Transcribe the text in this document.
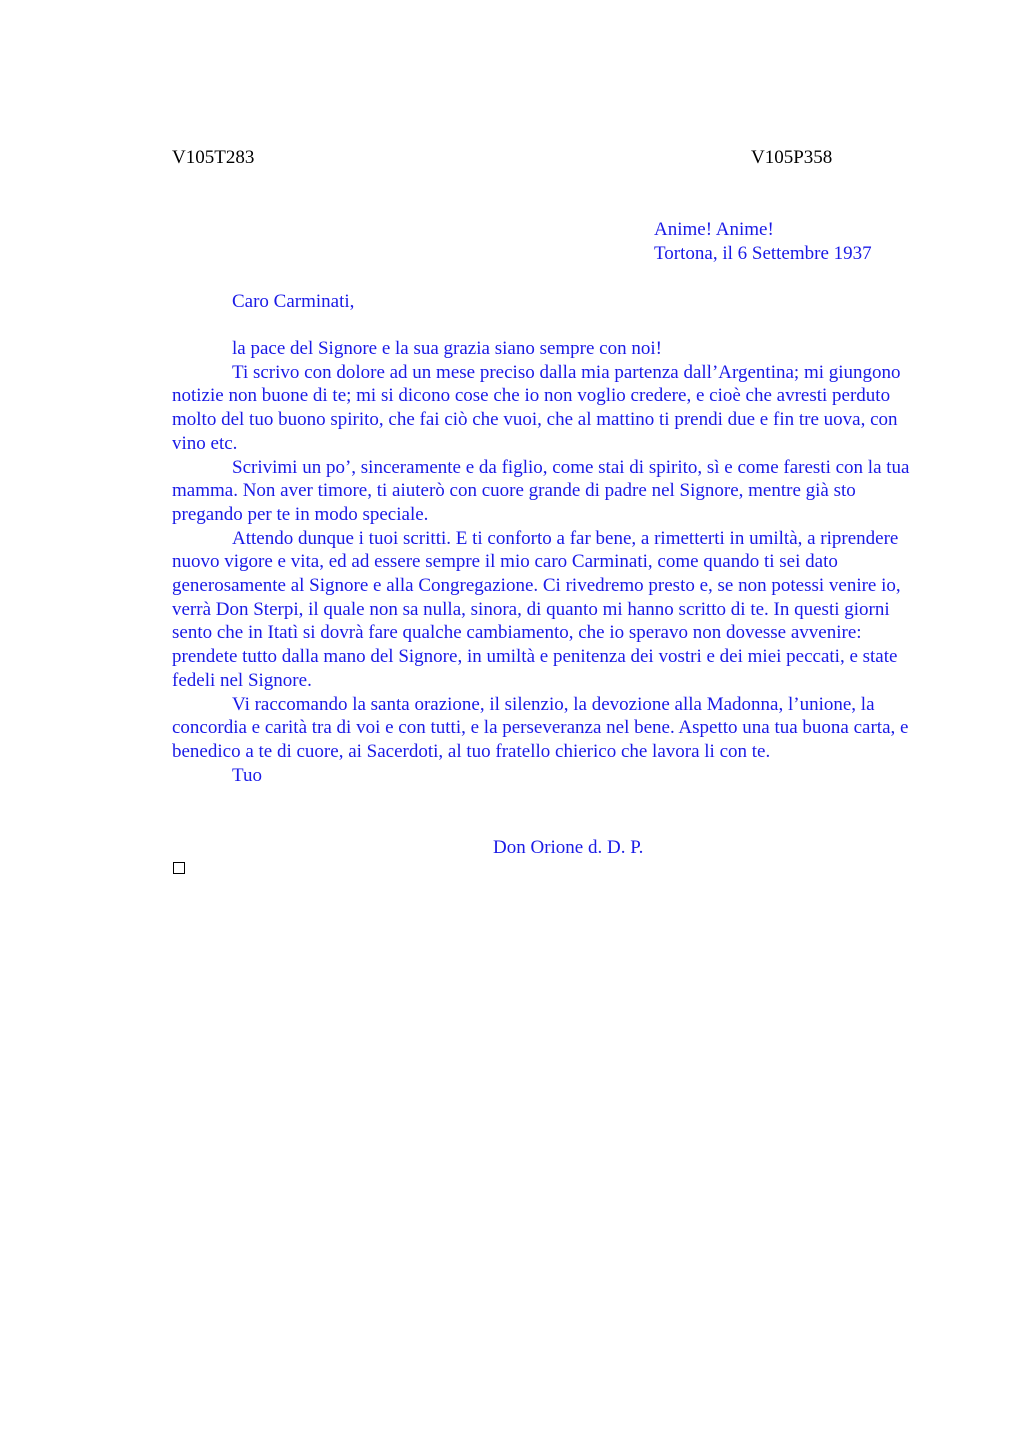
V105T283	V105P358
Anime! Anime!
Tortona, il 6 Settembre 1937
Caro Carminati,

la pace del Signore e la sua grazia siano sempre con noi!

Ti scrivo con dolore ad un mese preciso dalla mia partenza dall’Argentina; mi giungono notizie non buone di te; mi si dicono cose che io non voglio credere, e cioè che avresti perduto molto del tuo buono spirito, che fai ciò che vuoi, che al mattino ti prendi due e fin tre uova, con vino etc.

Scrivimi un po’, sinceramente e da figlio, come stai di spirito, sì e come faresti con la tua mamma. Non aver timore, ti aiuterò con cuore grande di padre nel Signore, mentre già sto pregando per te in modo speciale.

Attendo dunque i tuoi scritti. E ti conforto a far bene, a rimetterti in umiltà, a riprendere nuovo vigore e vita, ed ad essere sempre il mio caro Carminati, come quando ti sei dato generosamente al Signore e alla Congregazione. Ci rivedremo presto e, se non potessi venire io, verrà Don Sterpi, il quale non sa nulla, sinora, di quanto mi hanno scritto di te. In questi giorni sento che in Itatì si dovrà fare qualche cambiamento, che io speravo non dovesse avvenire: prendete tutto dalla mano del Signore, in umiltà e penitenza dei vostri e dei miei peccati, e state fedeli nel Signore.

Vi raccomando la santa orazione, il silenzio, la devozione alla Madonna, l’unione, la concordia e carità tra di voi e con tutti, e la perseveranza nel bene. Aspetto una tua buona carta, e benedico a te di cuore, ai Sacerdoti, al tuo fratello chierico che lavora li con te.

Tuo

Don Orione d. D. P.
